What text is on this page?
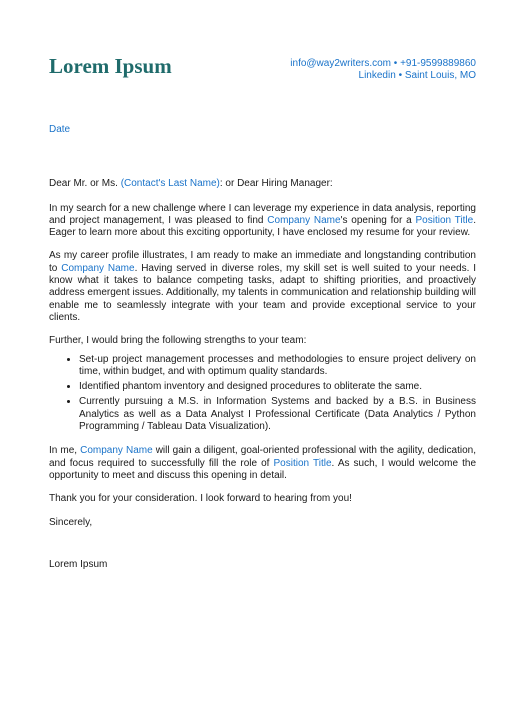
Lorem Ipsum	info@way2writers.com • +91-9599889860
Linkedin • Saint Louis, MO
Date

Dear Mr. or Ms. (Contact's Last Name): or Dear Hiring Manager:

In my search for a new challenge where I can leverage my experience in data analysis, reporting and project management, I was pleased to find Company Name's opening for a Position Title. Eager to learn more about this exciting opportunity, I have enclosed my resume for your review.

As my career profile illustrates, I am ready to make an immediate and longstanding contribution to Company Name. Having served in diverse roles, my skill set is well suited to your needs. I know what it takes to balance competing tasks, adapt to shifting priorities, and proactively address emergent issues. Additionally, my talents in communication and relationship building will enable me to seamlessly integrate with your team and provide exceptional service to your clients.

Further, I would bring the following strengths to your team:

• Set-up project management processes and methodologies to ensure project delivery on time, within budget, and with optimum quality standards.
• Identified phantom inventory and designed procedures to obliterate the same.
• Currently pursuing a M.S. in Information Systems and backed by a B.S. in Business Analytics as well as a Data Analyst I Professional Certificate (Data Analytics / Python Programming / Tableau Data Visualization).

In me, Company Name will gain a diligent, goal-oriented professional with the agility, dedication, and focus required to successfully fill the role of Position Title. As such, I would welcome the opportunity to meet and discuss this opening in detail.

Thank you for your consideration. I look forward to hearing from you!

Sincerely,

Lorem Ipsum
